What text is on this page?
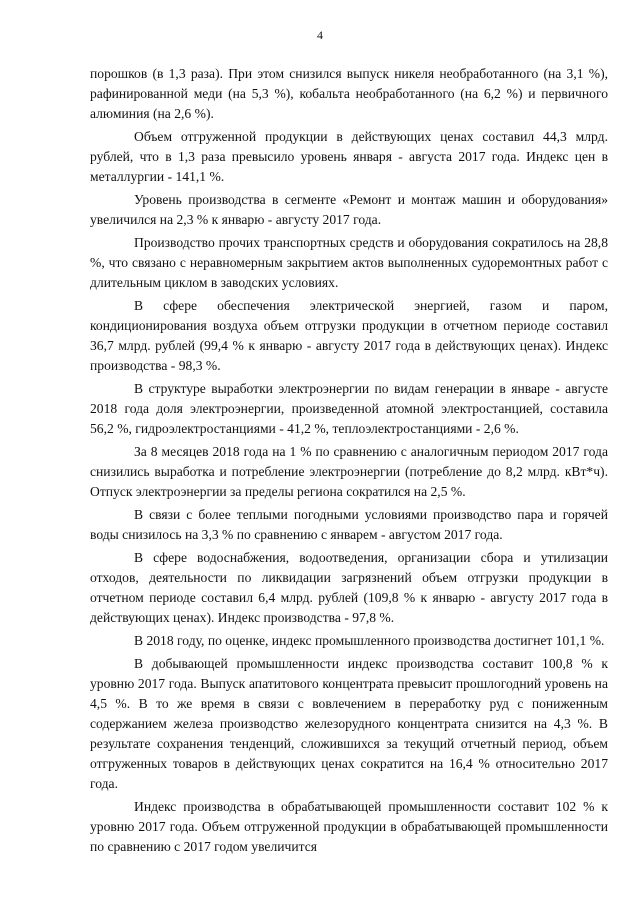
4

порошков (в 1,3 раза). При этом снизился выпуск никеля необработанного (на 3,1 %), рафинированной меди (на 5,3 %), кобальта необработанного (на 6,2 %) и первичного алюминия (на 2,6 %).

Объем отгруженной продукции в действующих ценах составил 44,3 млрд. рублей, что в 1,3 раза превысило уровень января - августа 2017 года. Индекс цен в металлургии - 141,1 %.

Уровень производства в сегменте «Ремонт и монтаж машин и оборудования» увеличился на 2,3 % к январю - августу 2017 года.

Производство прочих транспортных средств и оборудования сократилось на 28,8 %, что связано с неравномерным закрытием актов выполненных судоремонтных работ с длительным циклом в заводских условиях.

В сфере обеспечения электрической энергией, газом и паром, кондиционирования воздуха объем отгрузки продукции в отчетном периоде составил 36,7 млрд. рублей (99,4 % к январю - августу 2017 года в действующих ценах). Индекс производства - 98,3 %.

В структуре выработки электроэнергии по видам генерации в январе - августе 2018 года доля электроэнергии, произведенной атомной электростанцией, составила 56,2 %, гидроэлектростанциями - 41,2 %, теплоэлектростанциями - 2,6 %.

За 8 месяцев 2018 года на 1 % по сравнению с аналогичным периодом 2017 года снизились выработка и потребление электроэнергии (потребление до 8,2 млрд. кВт*ч). Отпуск электроэнергии за пределы региона сократился на 2,5 %.

В связи с более теплыми погодными условиями производство пара и горячей воды снизилось на 3,3 % по сравнению с январем - августом 2017 года.

В сфере водоснабжения, водоотведения, организации сбора и утилизации отходов, деятельности по ликвидации загрязнений объем отгрузки продукции в отчетном периоде составил 6,4 млрд. рублей (109,8 % к январю - августу 2017 года в действующих ценах). Индекс производства - 97,8 %.

В 2018 году, по оценке, индекс промышленного производства достигнет 101,1 %.

В добывающей промышленности индекс производства составит 100,8 % к уровню 2017 года. Выпуск апатитового концентрата превысит прошлогодний уровень на 4,5 %. В то же время в связи с вовлечением в переработку руд с пониженным содержанием железа производство железорудного концентрата снизится на 4,3 %. В результате сохранения тенденций, сложившихся за текущий отчетный период, объем отгруженных товаров в действующих ценах сократится на 16,4 % относительно 2017 года.

Индекс производства в обрабатывающей промышленности составит 102 % к уровню 2017 года. Объем отгруженной продукции в обрабатывающей промышленности по сравнению с 2017 годом увеличится
